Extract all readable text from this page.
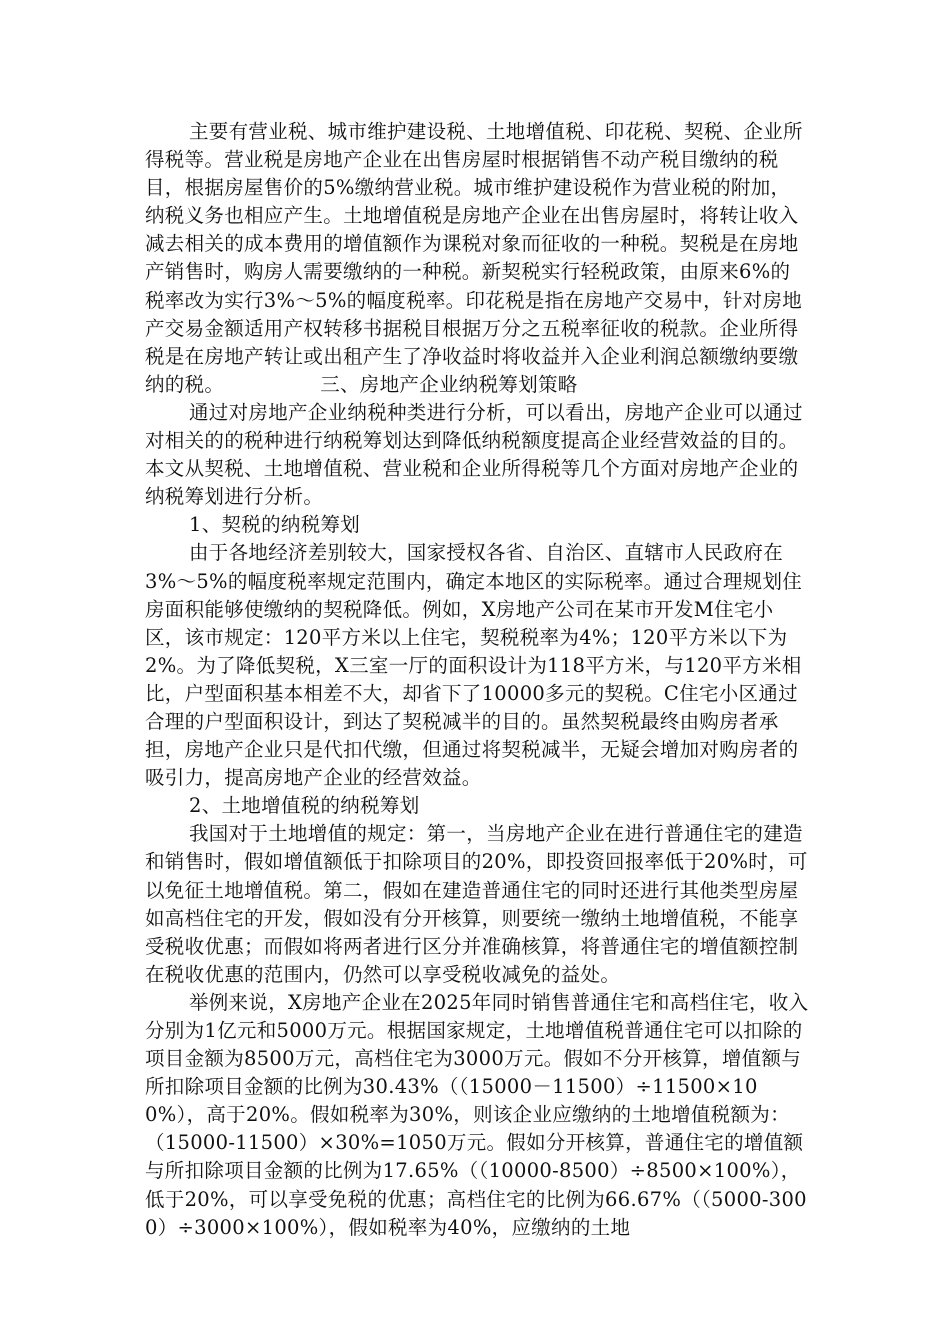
主要有营业税、城市维护建设税、土地增值税、印花税、契税、企业所得税等。营业税是房地产企业在出售房屋时根据销售不动产税目缴纳的税目，根据房屋售价的5%缴纳营业税。城市维护建设税作为营业税的附加，纳税义务也相应产生。土地增值税是房地产企业在出售房屋时，将转让收入减去相关的成本费用的增值额作为课税对象而征收的一种税。契税是在房地产销售时，购房人需要缴纳的一种税。新契税实行轻税政策，由原来6%的税率改为实行3%～5%的幅度税率。印花税是指在房地产交易中，针对房地产交易金额适用产权转移书据税目根据万分之五税率征收的税款。企业所得税是在房地产转让或出租产生了净收益时将收益并入企业利润总额缴纳要缴纳的税。	三、房地产企业纳税筹划策略

通过对房地产企业纳税种类进行分析，可以看出，房地产企业可以通过对相关的的税种进行纳税筹划达到降低纳税额度提高企业经营效益的目的。本文从契税、土地增值税、营业税和企业所得税等几个方面对房地产企业的纳税筹划进行分析。

1、契税的纳税筹划

由于各地经济差别较大，国家授权各省、自治区、直辖市人民政府在3%～5%的幅度税率规定范围内，确定本地区的实际税率。通过合理规划住房面积能够使缴纳的契税降低。例如，X房地产公司在某市开发M住宅小区，该市规定：120平方米以上住宅，契税税率为4%；120平方米以下为2%。为了降低契税，X三室一厅的面积设计为118平方米，与120平方米相比，户型面积基本相差不大，却省下了10000多元的契税。C住宅小区通过合理的户型面积设计，到达了契税减半的目的。虽然契税最终由购房者承担，房地产企业只是代扣代缴，但通过将契税减半，无疑会增加对购房者的吸引力，提高房地产企业的经营效益。

2、土地增值税的纳税筹划

我国对于土地增值的规定：第一，当房地产企业在进行普通住宅的建造和销售时，假如增值额低于扣除项目的20%，即投资回报率低于20%时，可以免征土地增值税。第二，假如在建造普通住宅的同时还进行其他类型房屋如高档住宅的开发，假如没有分开核算，则要统一缴纳土地增值税，不能享受税收优惠；而假如将两者进行区分并准确核算，将普通住宅的增值额控制在税收优惠的范围内，仍然可以享受税收减免的益处。

举例来说，X房地产企业在2025年同时销售普通住宅和高档住宅，收入分别为1亿元和5000万元。根据国家规定，土地增值税普通住宅可以扣除的项目金额为8500万元，高档住宅为3000万元。假如不分开核算，增值额与所扣除项目金额的比例为30.43%（（15000－11500）÷11500×100%），高于20%。假如税率为30%，则该企业应缴纳的土地增值税额为：（15000-11500）×30%=1050万元。假如分开核算，普通住宅的增值额与所扣除项目金额的比例为17.65%（（10000-8500）÷8500×100%），低于20%，可以享受免税的优惠；高档住宅的比例为66.67%（（5000-3000）÷3000×100%），假如税率为40%，应缴纳的土地
